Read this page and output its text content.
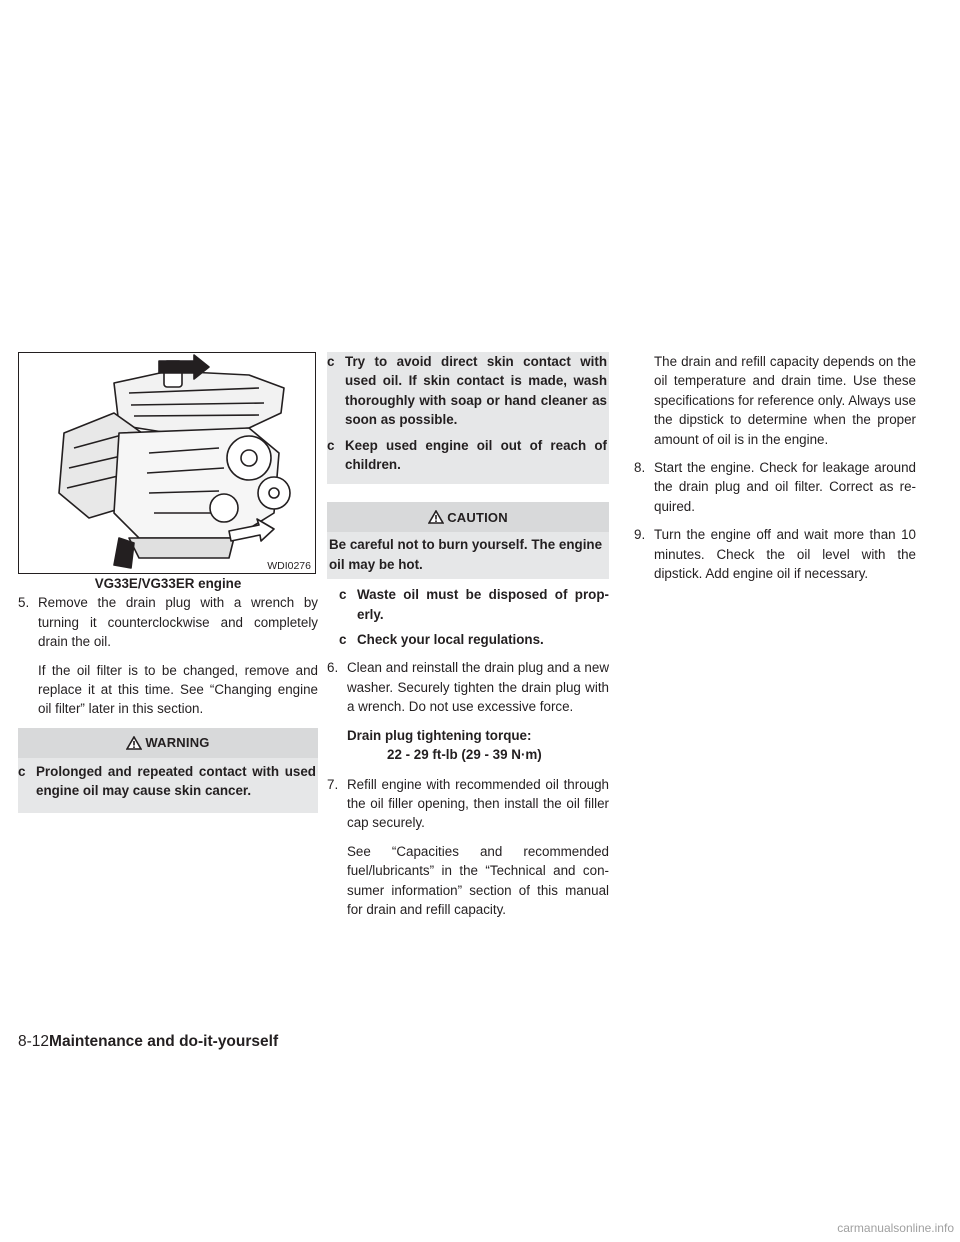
WDI0276
VG33E/VG33ER engine

5. Remove the drain plug with a wrench by turning it counterclockwise and completely drain the oil.

If the oil filter is to be changed, remove and replace it at this time. See “Changing engine oil filter” later in this section.

WARNING

c Prolonged and repeated contact with used engine oil may cause skin cancer.

c Try to avoid direct skin contact with used oil. If skin contact is made, wash thoroughly with soap or hand cleaner as soon as possible.

c Keep used engine oil out of reach of children.

CAUTION

Be careful not to burn yourself. The engine oil may be hot.

c Waste oil must be disposed of prop- erly.

c Check your local regulations.

6. Clean and reinstall the drain plug and a new washer. Securely tighten the drain plug with a wrench. Do not use excessive force.

Drain plug tightening torque:
22 - 29 ft-lb (29 - 39 N·m)

7. Refill engine with recommended oil through the oil filler opening, then install the oil filler cap securely.

See “Capacities and recommended fuel/lubricants” in the “Technical and con- sumer information” section of this manual for drain and refill capacity.

The drain and refill capacity depends on the oil temperature and drain time. Use these specifications for reference only. Always use the dipstick to determine when the proper amount of oil is in the engine.

8. Start the engine. Check for leakage around the drain plug and oil filter. Correct as re- quired.

9. Turn the engine off and wait more than 10 minutes. Check the oil level with the dipstick. Add engine oil if necessary.

8-12Maintenance and do-it-yourself
carmanualsonline.info
